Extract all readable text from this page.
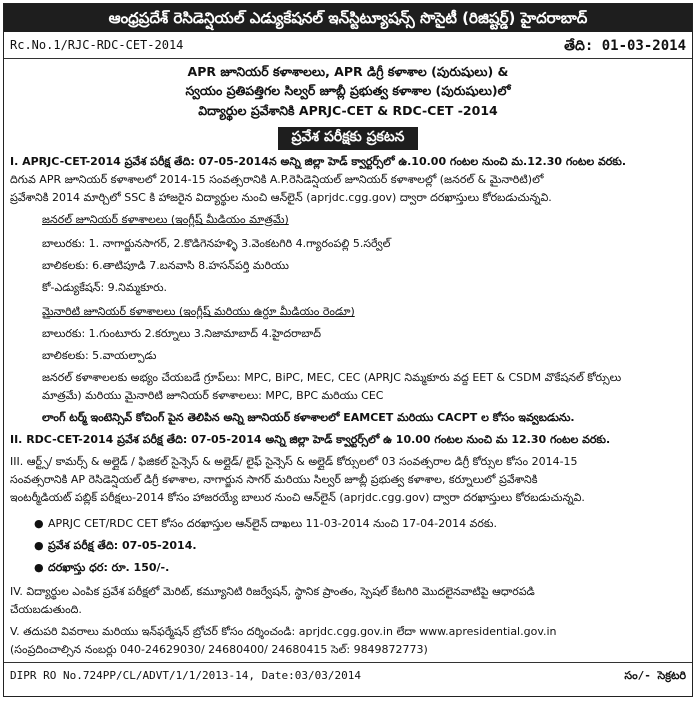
ఆంధ్రప్రదేశ్ రెసిడెన్షియల్ ఎడ్యుకేషనల్ ఇన్‌స్టిట్యూషన్స్ సొసైటీ (రిజిష్టర్డ్) హైదరాబాద్
Rc.No.1/RJC-RDC-CET-2014	తేది: 01-03-2014
APR జూనియర్ కళాశాలలు, APR డిగ్రీ కళాశాల (పురుషులు) &
స్వయం ప్రతిపత్తిగల సిల్వర్ జూబ్లీ ప్రభుత్వ కళాశాల (పురుషులు)లో
విద్యార్థుల ప్రవేశానికి APRJC-CET & RDC-CET -2014
ప్రవేశ పరీక్షకు ప్రకటన
I. APRJC-CET-2014 ప్రవేశ పరీక్ష తేది: 07-05-2014న అన్ని జిల్లా హెడ్ క్వార్టర్స్‌లో ఉ.10.00 గంటల నుంచి మ.12.30 గంటల వరకు.
దిగువ APR జూనియర్ కళాశాలలో 2014-15 సంవత్సరానికి A.P.రెసిడెన్షియల్ జూనియర్ కళాశాలల్లో (జనరల్ & మైనారిటి)లో
ప్రవేశానికి 2014 మార్చిలో SSC కి హాజరైన విద్యార్థుల నుంచి ఆన్‌లైన్ (aprjdc.cgg.gov) ద్వారా దరఖాస్తులు కోరబడుచున్నవి.
జనరల్ జూనియర్ కళాశాలలు (ఇంగ్లీష్ మీడియం మాత్రమే)
బాలురకు: 1. నాగార్జునసాగర్, 2.కొడిగెనహళ్ళి 3.వెంకటగిరి 4.గ్యారంపల్లి 5.సర్వేల్
బాలికలకు: 6.తాటిపూడి 7.బనవాసి 8.హసన్‌పర్తి మరియు
కో-ఎడ్యుకేషన్: 9.నిమ్మకూరు.
మైనారిటి జూనియర్ కళాశాలలు (ఇంగ్లీష్ మరియు ఉర్దూ మీడియం రెండూ)
బాలురకు: 1.గుంటూరు 2.కర్నూలు 3.నిజామాబాద్ 4.హైదరాబాద్
బాలికలకు: 5.వాయల్పాడు
జనరల్ కళాశాలలకు అభ్యం చేయబడే గ్రూప్‌లు: MPC, BiPC, MEC, CEC (APRJC నిమ్మకూరు వద్ద EET & CSDM వొకేషనల్ కోర్సులు
మాత్రమే) మరియు మైనారిటి జూనియర్ కళాశాలలు: MPC, BPC మరియు CEC
లాంగ్ టర్మ్ ఇంటెన్సివ్ కోచింగ్ పైన తెలిపిన అన్ని జూనియర్ కళాశాలలో EAMCET మరియు CACPT ల కోసం ఇవ్వబడును.
II. RDC-CET-2014 ప్రవేశ పరీక్ష తేది: 07-05-2014 అన్ని జిల్లా హెడ్ క్వార్టర్స్‌లో ఉ 10.00 గంటల నుంచి మ 12.30 గంటల వరకు.
III. ఆర్ట్స్/ కామర్స్ & అల్లైడ్ / ఫిజికల్ సైన్సెస్ & అల్లైడ్/ లైఫ్ సైన్సెస్ & అల్లైడ్ కోర్సులలో 03 సంవత్సరాల డిగ్రీ కోర్సుల కోసం 2014-15
సంవత్సరానికి AP రెసిడెన్షియల్ డిగ్రీ కళాశాల, నాగార్జున సాగర్ మరియు సిల్వర్ జూబ్లీ ప్రభుత్వ కళాశాల, కర్నూలులో ప్రవేశానికి
ఇంటర్మీడియట్ పబ్లిక్ పరీక్షలు-2014 కోసం హాజరయ్యే బాలుర నుంచి ఆన్‌లైన్ (aprjdc.cgg.gov) ద్వారా దరఖాస్తులు కోరబడుచున్నవి.
● APRJC CET/RDC CET కోసం దరఖాస్తుల ఆన్‌లైన్ దాఖలు 11-03-2014 నుంచి 17-04-2014 వరకు.
● ప్రవేశ పరీక్ష తేది: 07-05-2014.
● దరఖాస్తు ధర: రూ. 150/-.
IV. విద్యార్థుల ఎంపిక ప్రవేశ పరీక్షలో మెరిట్, కమ్యూనిటి రిజర్వేషన్, స్థానిక ప్రాంతం, స్పెషల్ కేటగిరి మొదలైనవాటిపై ఆధారపడి
చేయబడుతుంది.
V. తదుపరి వివరాలు మరియు ఇన్‌ఫర్మేషన్ బ్రోచర్ కోసం దర్శించండి: aprjdc.cgg.gov.in లేదా www.apresidential.gov.in
(సంప్రదించాల్సిన నంబర్లు 040-24629030/ 24680400/ 24680415 సెల్: 9849872773)
DIPR RO No.724PP/CL/ADVT/1/1/2013-14, Date:03/03/2014	సం/- సెక్రటరి
